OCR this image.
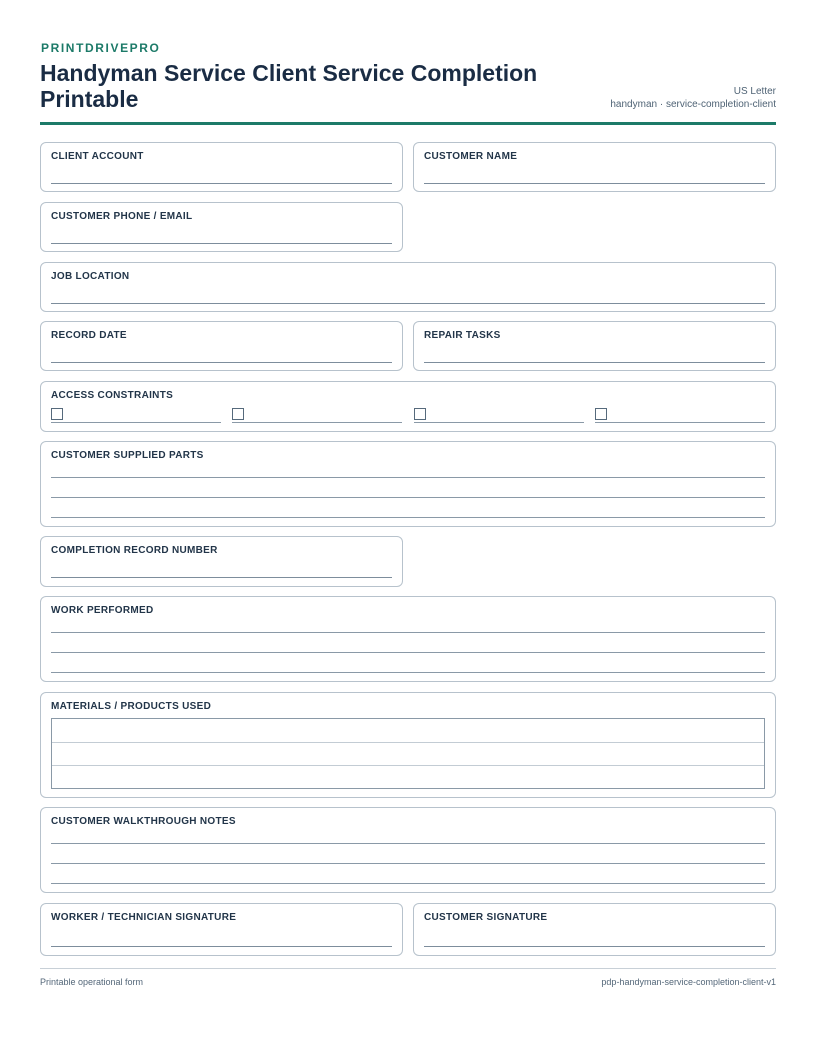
PRINTDRIVEPRO
Handyman Service Client Service Completion Printable	US Letter
handyman · service-completion-client
CLIENT ACCOUNT	CUSTOMER NAME
CUSTOMER PHONE / EMAIL
JOB LOCATION
RECORD DATE	REPAIR TASKS
ACCESS CONSTRAINTS
CUSTOMER SUPPLIED PARTS
COMPLETION RECORD NUMBER
WORK PERFORMED
MATERIALS / PRODUCTS USED
CUSTOMER WALKTHROUGH NOTES
WORKER / TECHNICIAN SIGNATURE	CUSTOMER SIGNATURE
Printable operational form	pdp-handyman-service-completion-client-v1
